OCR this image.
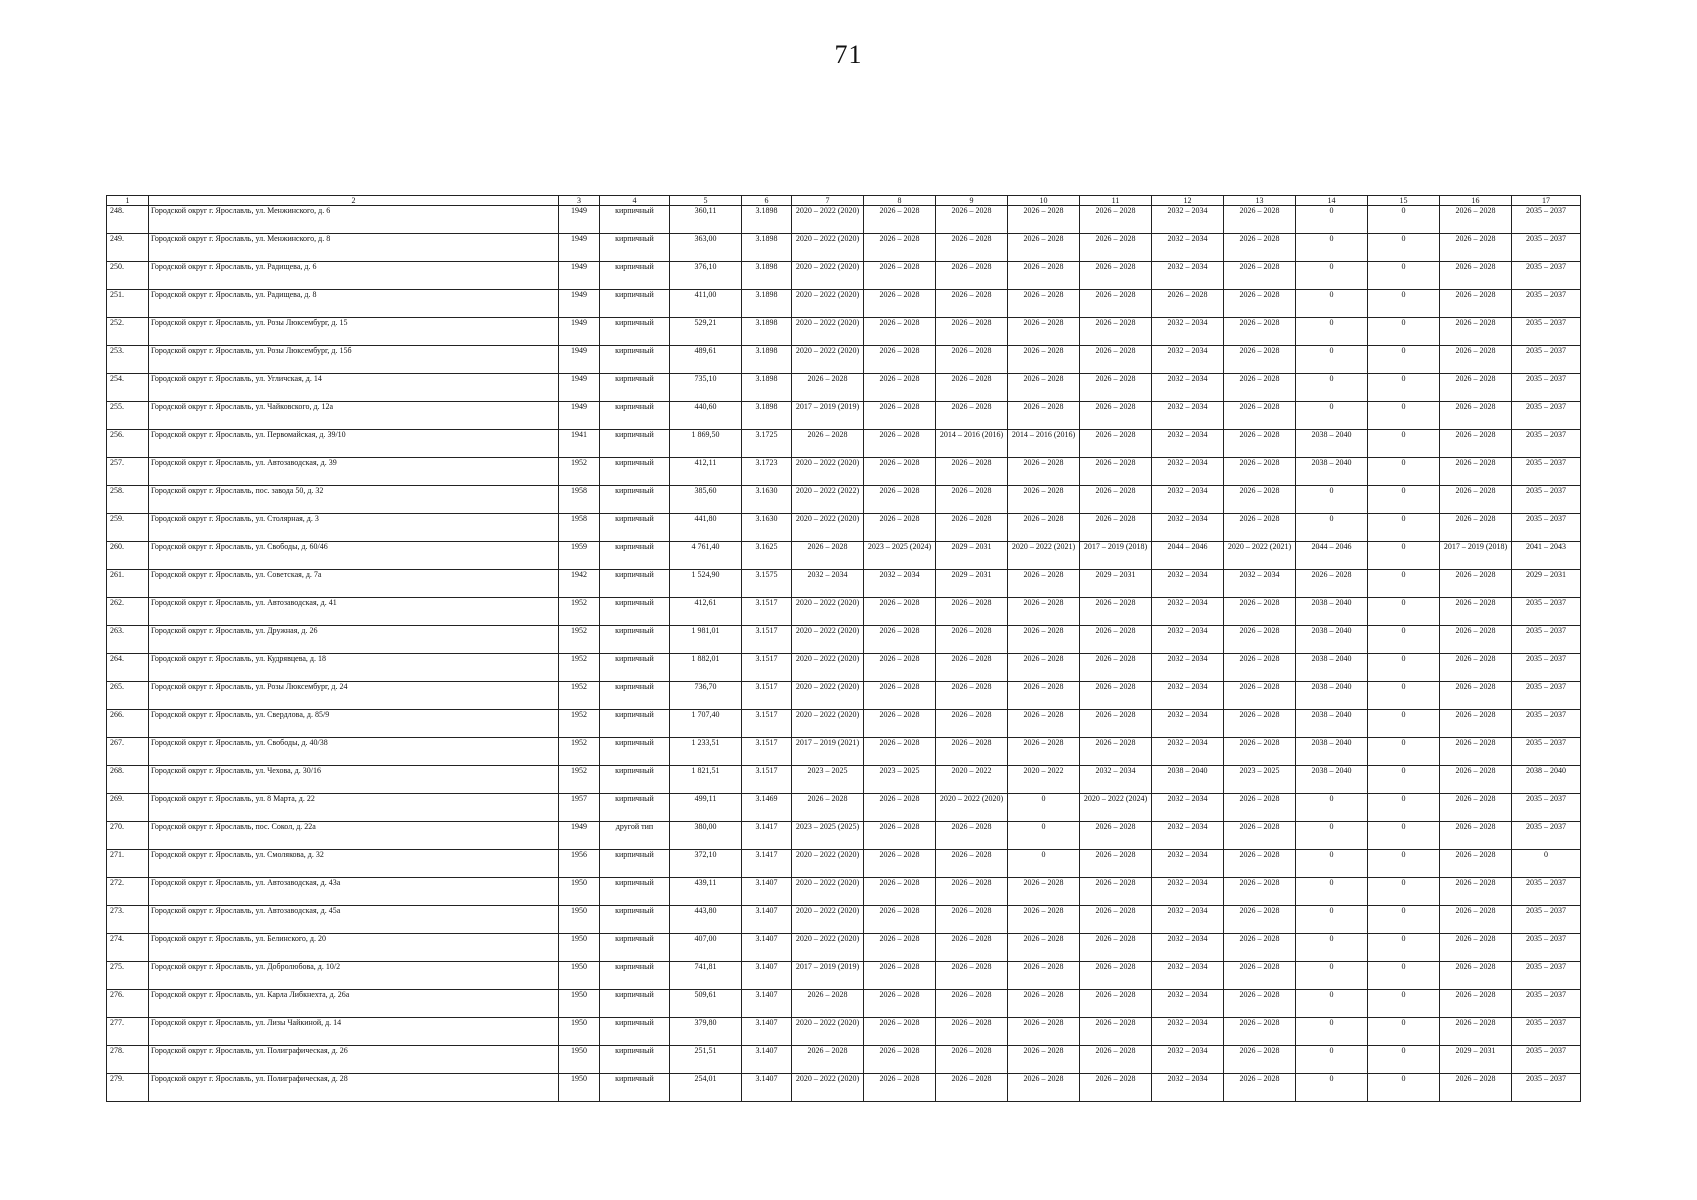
71
1	2	3	4	5	6	7	8	9	10	11	12	13	14	15	16	17
248.	Городской округ г. Ярославль, ул. Менжинского, д. 6	1949	кирпичный	360,11	3.1898	2020 – 2022 (2020)	2026 – 2028	2026 – 2028	2026 – 2028	2026 – 2028	2032 – 2034	2026 – 2028	0	0	2026 – 2028	2035 – 2037
249.	Городской округ г. Ярославль, ул. Менжинского, д. 8	1949	кирпичный	363,00	3.1898	2020 – 2022 (2020)	2026 – 2028	2026 – 2028	2026 – 2028	2026 – 2028	2032 – 2034	2026 – 2028	0	0	2026 – 2028	2035 – 2037
250.	Городской округ г. Ярославль, ул. Радищева, д. 6	1949	кирпичный	376,10	3.1898	2020 – 2022 (2020)	2026 – 2028	2026 – 2028	2026 – 2028	2026 – 2028	2032 – 2034	2026 – 2028	0	0	2026 – 2028	2035 – 2037
251.	Городской округ г. Ярославль, ул. Радищева, д. 8	1949	кирпичный	411,00	3.1898	2020 – 2022 (2020)	2026 – 2028	2026 – 2028	2026 – 2028	2026 – 2028	2026 – 2028	2026 – 2028	0	0	2026 – 2028	2035 – 2037
252.	Городской округ г. Ярославль, ул. Розы Люксембург, д. 15	1949	кирпичный	529,21	3.1898	2020 – 2022 (2020)	2026 – 2028	2026 – 2028	2026 – 2028	2026 – 2028	2032 – 2034	2026 – 2028	0	0	2026 – 2028	2035 – 2037
253.	Городской округ г. Ярославль, ул. Розы Люксембург, д. 15б	1949	кирпичный	489,61	3.1898	2020 – 2022 (2020)	2026 – 2028	2026 – 2028	2026 – 2028	2026 – 2028	2032 – 2034	2026 – 2028	0	0	2026 – 2028	2035 – 2037
254.	Городской округ г. Ярославль, ул. Угличская, д. 14	1949	кирпичный	735,10	3.1898	2026 – 2028	2026 – 2028	2026 – 2028	2026 – 2028	2026 – 2028	2032 – 2034	2026 – 2028	0	0	2026 – 2028	2035 – 2037
255.	Городской округ г. Ярославль, ул. Чайковского, д. 12а	1949	кирпичный	440,60	3.1898	2017 – 2019 (2019)	2026 – 2028	2026 – 2028	2026 – 2028	2026 – 2028	2032 – 2034	2026 – 2028	0	0	2026 – 2028	2035 – 2037
256.	Городской округ г. Ярославль, ул. Первомайская, д. 39/10	1941	кирпичный	1 869,50	3.1725	2026 – 2028	2026 – 2028	2014 – 2016 (2016)	2014 – 2016 (2016)	2026 – 2028	2032 – 2034	2026 – 2028	2038 – 2040	0	2026 – 2028	2035 – 2037
257.	Городской округ г. Ярославль, ул. Автозаводская, д. 39	1952	кирпичный	412,11	3.1723	2020 – 2022 (2020)	2026 – 2028	2026 – 2028	2026 – 2028	2026 – 2028	2032 – 2034	2026 – 2028	2038 – 2040	0	2026 – 2028	2035 – 2037
258.	Городской округ г. Ярославль, пос. завода 50, д. 32	1958	кирпичный	385,60	3.1630	2020 – 2022 (2022)	2026 – 2028	2026 – 2028	2026 – 2028	2026 – 2028	2032 – 2034	2026 – 2028	0	0	2026 – 2028	2035 – 2037
259.	Городской округ г. Ярославль, ул. Столярная, д. 3	1958	кирпичный	441,80	3.1630	2020 – 2022 (2020)	2026 – 2028	2026 – 2028	2026 – 2028	2026 – 2028	2032 – 2034	2026 – 2028	0	0	2026 – 2028	2035 – 2037
260.	Городской округ г. Ярославль, ул. Свободы, д. 60/46	1959	кирпичный	4 761,40	3.1625	2026 – 2028	2023 – 2025 (2024)	2029 – 2031	2020 – 2022 (2021)	2017 – 2019 (2018)	2044 – 2046	2020 – 2022 (2021)	2044 – 2046	0	2017 – 2019 (2018)	2041 – 2043
261.	Городской округ г. Ярославль, ул. Советская, д. 7а	1942	кирпичный	1 524,90	3.1575	2032 – 2034	2032 – 2034	2029 – 2031	2026 – 2028	2029 – 2031	2032 – 2034	2032 – 2034	2026 – 2028	0	2026 – 2028	2029 – 2031
262.	Городской округ г. Ярославль, ул. Автозаводская, д. 41	1952	кирпичный	412,61	3.1517	2020 – 2022 (2020)	2026 – 2028	2026 – 2028	2026 – 2028	2026 – 2028	2032 – 2034	2026 – 2028	2038 – 2040	0	2026 – 2028	2035 – 2037
263.	Городской округ г. Ярославль, ул. Дружная, д. 26	1952	кирпичный	1 981,01	3.1517	2020 – 2022 (2020)	2026 – 2028	2026 – 2028	2026 – 2028	2026 – 2028	2032 – 2034	2026 – 2028	2038 – 2040	0	2026 – 2028	2035 – 2037
264.	Городской округ г. Ярославль, ул. Кудрявцева, д. 18	1952	кирпичный	1 882,01	3.1517	2020 – 2022 (2020)	2026 – 2028	2026 – 2028	2026 – 2028	2026 – 2028	2032 – 2034	2026 – 2028	2038 – 2040	0	2026 – 2028	2035 – 2037
265.	Городской округ г. Ярославль, ул. Розы Люксембург, д. 24	1952	кирпичный	736,70	3.1517	2020 – 2022 (2020)	2026 – 2028	2026 – 2028	2026 – 2028	2026 – 2028	2032 – 2034	2026 – 2028	2038 – 2040	0	2026 – 2028	2035 – 2037
266.	Городской округ г. Ярославль, ул. Свердлова, д. 85/9	1952	кирпичный	1 707,40	3.1517	2020 – 2022 (2020)	2026 – 2028	2026 – 2028	2026 – 2028	2026 – 2028	2032 – 2034	2026 – 2028	2038 – 2040	0	2026 – 2028	2035 – 2037
267.	Городской округ г. Ярославль, ул. Свободы, д. 40/38	1952	кирпичный	1 233,51	3.1517	2017 – 2019 (2021)	2026 – 2028	2026 – 2028	2026 – 2028	2026 – 2028	2032 – 2034	2026 – 2028	2038 – 2040	0	2026 – 2028	2035 – 2037
268.	Городской округ г. Ярославль, ул. Чехова, д. 30/16	1952	кирпичный	1 821,51	3.1517	2023 – 2025	2023 – 2025	2020 – 2022	2020 – 2022	2032 – 2034	2038 – 2040	2023 – 2025	2038 – 2040	0	2026 – 2028	2038 – 2040
269.	Городской округ г. Ярославль, ул. 8 Марта, д. 22	1957	кирпичный	499,11	3.1469	2026 – 2028	2026 – 2028	2020 – 2022 (2020)	0	2020 – 2022 (2024)	2032 – 2034	2026 – 2028	0	0	2026 – 2028	2035 – 2037
270.	Городской округ г. Ярославль, пос. Сокол, д. 22а	1949	другой тип	380,00	3.1417	2023 – 2025 (2025)	2026 – 2028	2026 – 2028	0	2026 – 2028	2032 – 2034	2026 – 2028	0	0	2026 – 2028	2035 – 2037
271.	Городской округ г. Ярославль, ул. Смолякова, д. 32	1956	кирпичный	372,10	3.1417	2020 – 2022 (2020)	2026 – 2028	2026 – 2028	0	2026 – 2028	2032 – 2034	2026 – 2028	0	0	2026 – 2028	0
272.	Городской округ г. Ярославль, ул. Автозаводская, д. 43а	1950	кирпичный	439,11	3.1407	2020 – 2022 (2020)	2026 – 2028	2026 – 2028	2026 – 2028	2026 – 2028	2032 – 2034	2026 – 2028	0	0	2026 – 2028	2035 – 2037
273.	Городской округ г. Ярославль, ул. Автозаводская, д. 45а	1950	кирпичный	443,80	3.1407	2020 – 2022 (2020)	2026 – 2028	2026 – 2028	2026 – 2028	2026 – 2028	2032 – 2034	2026 – 2028	0	0	2026 – 2028	2035 – 2037
274.	Городской округ г. Ярославль, ул. Белинского, д. 20	1950	кирпичный	407,00	3.1407	2020 – 2022 (2020)	2026 – 2028	2026 – 2028	2026 – 2028	2026 – 2028	2032 – 2034	2026 – 2028	0	0	2026 – 2028	2035 – 2037
275.	Городской округ г. Ярославль, ул. Добролюбова, д. 10/2	1950	кирпичный	741,81	3.1407	2017 – 2019 (2019)	2026 – 2028	2026 – 2028	2026 – 2028	2026 – 2028	2032 – 2034	2026 – 2028	0	0	2026 – 2028	2035 – 2037
276.	Городской округ г. Ярославль, ул. Карла Либкнехта, д. 26а	1950	кирпичный	509,61	3.1407	2026 – 2028	2026 – 2028	2026 – 2028	2026 – 2028	2026 – 2028	2032 – 2034	2026 – 2028	0	0	2026 – 2028	2035 – 2037
277.	Городской округ г. Ярославль, ул. Лизы Чайкиной, д. 14	1950	кирпичный	379,80	3.1407	2020 – 2022 (2020)	2026 – 2028	2026 – 2028	2026 – 2028	2026 – 2028	2032 – 2034	2026 – 2028	0	0	2026 – 2028	2035 – 2037
278.	Городской округ г. Ярославль, ул. Полиграфическая, д. 26	1950	кирпичный	251,51	3.1407	2026 – 2028	2026 – 2028	2026 – 2028	2026 – 2028	2026 – 2028	2032 – 2034	2026 – 2028	0	0	2029 – 2031	2035 – 2037
279.	Городской округ г. Ярославль, ул. Полиграфическая, д. 28	1950	кирпичный	254,01	3.1407	2020 – 2022 (2020)	2026 – 2028	2026 – 2028	2026 – 2028	2026 – 2028	2032 – 2034	2026 – 2028	0	0	2026 – 2028	2035 – 2037
